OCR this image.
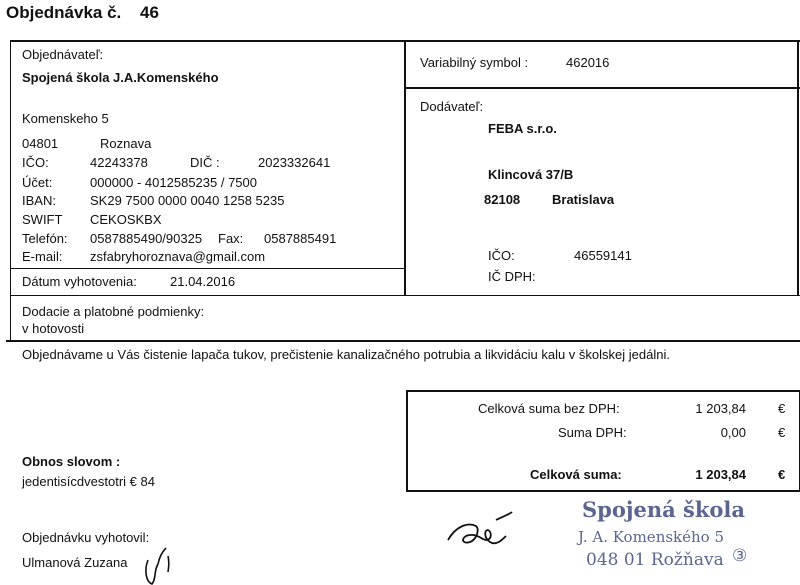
Objednávka č. 46
Objednávateľ:
Spojená škola J.A.Komenského
Komenskeho 5
04801	Roznava
IČO:	42243378	DIČ :	2023332641
Účet:	000000 - 4012585235 / 7500
IBAN:	SK29 7500 0000 0040 1258 5235
SWIFT CEKOSKBX
Telefón: 0587885490/90325 Fax: 0587885491
E-mail: zsfabryhoroznava@gmail.com
Dátum vyhotovenia:	21.04.2016
Variabilný symbol :	462016
Dodávateľ:
FEBA s.r.o.
Klincová 37/B
82108 Bratislava
IČO:	46559141
IČ DPH:
Dodacie a platobné podmienky:
v hotovosti
Objednávame u Vás čistenie lapača tukov, prečistenie kanalizačného potrubia a likvidáciu kalu v školskej jedálni.
Celková suma bez DPH:	1 203,84 €
Suma DPH:	0,00 €
Celková suma:	1 203,84 €
Obnos slovom :
jedentisícdvestotri € 84
Objednávku vyhotovil:
Ulmanová Zuzana
Spojená škola
J. A. Komenského 5
048 01 Rožňava ③
